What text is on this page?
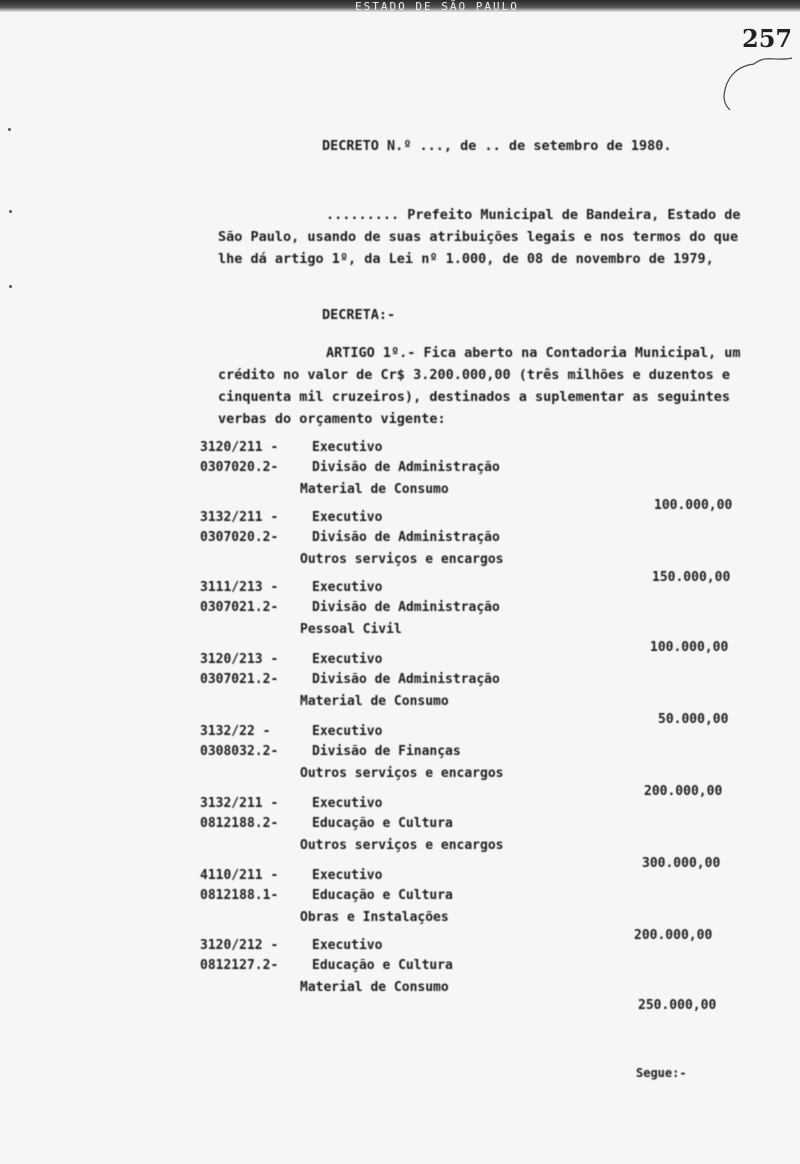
ESTADO DE SÃO PAULO
257
DECRETO N.º ..., de .. de setembro de 1980.
......... Prefeito Municipal de Bandeira, Estado de São Paulo, usando de suas atribuições legais e nos termos do que lhe dá artigo 1º, da Lei nº 1.000, de 08 de novembro de 1979,
DECRETA:-
ARTIGO 1º.- Fica aberto na Contadoria Municipal, um crédito no valor de Cr$ 3.200.000,00 (três milhões e duzentos e cinquenta mil cruzeiros), destinados a suplementar as seguintes verbas do orçamento vigente:
3120/211 -	Executivo
0307020.2-	Divisão de Administração
Material de Consumo
100.000,00
3132/211 -	Executivo
0307020.2-	Divisão de Administração
Outros serviços e encargos
150.000,00
3111/213 -	Executivo
0307021.2-	Divisão de Administração
Pessoal Civil
100.000,00
3120/213 -	Executivo
0307021.2-	Divisão de Administração
Material de Consumo
50.000,00
3132/22 -	Executivo
0308032.2-	Divisão de Finanças
Outros serviços e encargos
200.000,00
3132/211 -	Executivo
0812188.2-	Educação e Cultura
Outros serviços e encargos
300.000,00
4110/211 -	Executivo
0812188.1-	Educação e Cultura
Obras e Instalações
200.000,00
3120/212 -	Executivo
0812127.2-	Educação e Cultura
Material de Consumo
250.000,00
Segue:-
